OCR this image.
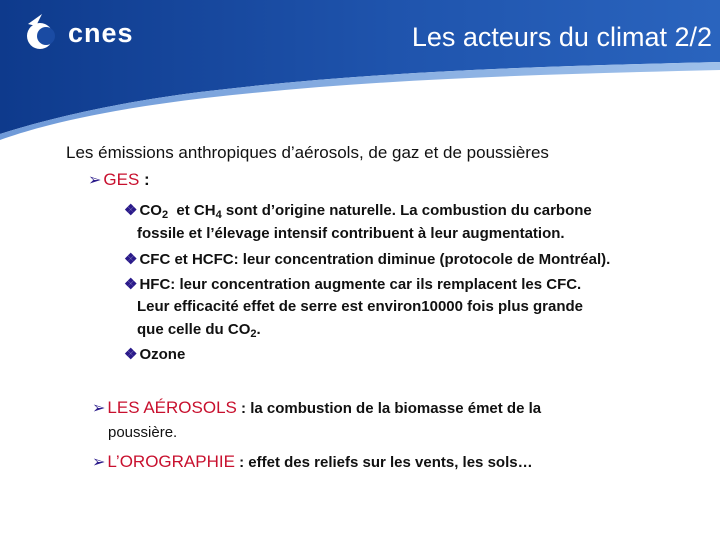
cnes	Les acteurs du climat 2/2
Les émissions anthropiques d’aérosols, de gaz et de poussières
➢ GES :
❖ $CO_2$  et $CH_4$ sont d’origine naturelle. La combustion du carbone
fossile et l’élevage intensif contribuent à leur augmentation.
❖ CFC et HCFC: leur concentration diminue (protocole de Montréal).
❖ HFC: leur concentration augmente car ils remplacent les CFC.
Leur efficacité effet de serre est environ10000 fois plus grande
que celle du $CO_2$.
❖ Ozone
➢ LES AÉROSOLS : la combustion de la biomasse émet de la
poussière.
➢ L’OROGRAPHIE : effet des reliefs sur les vents, les sols…
